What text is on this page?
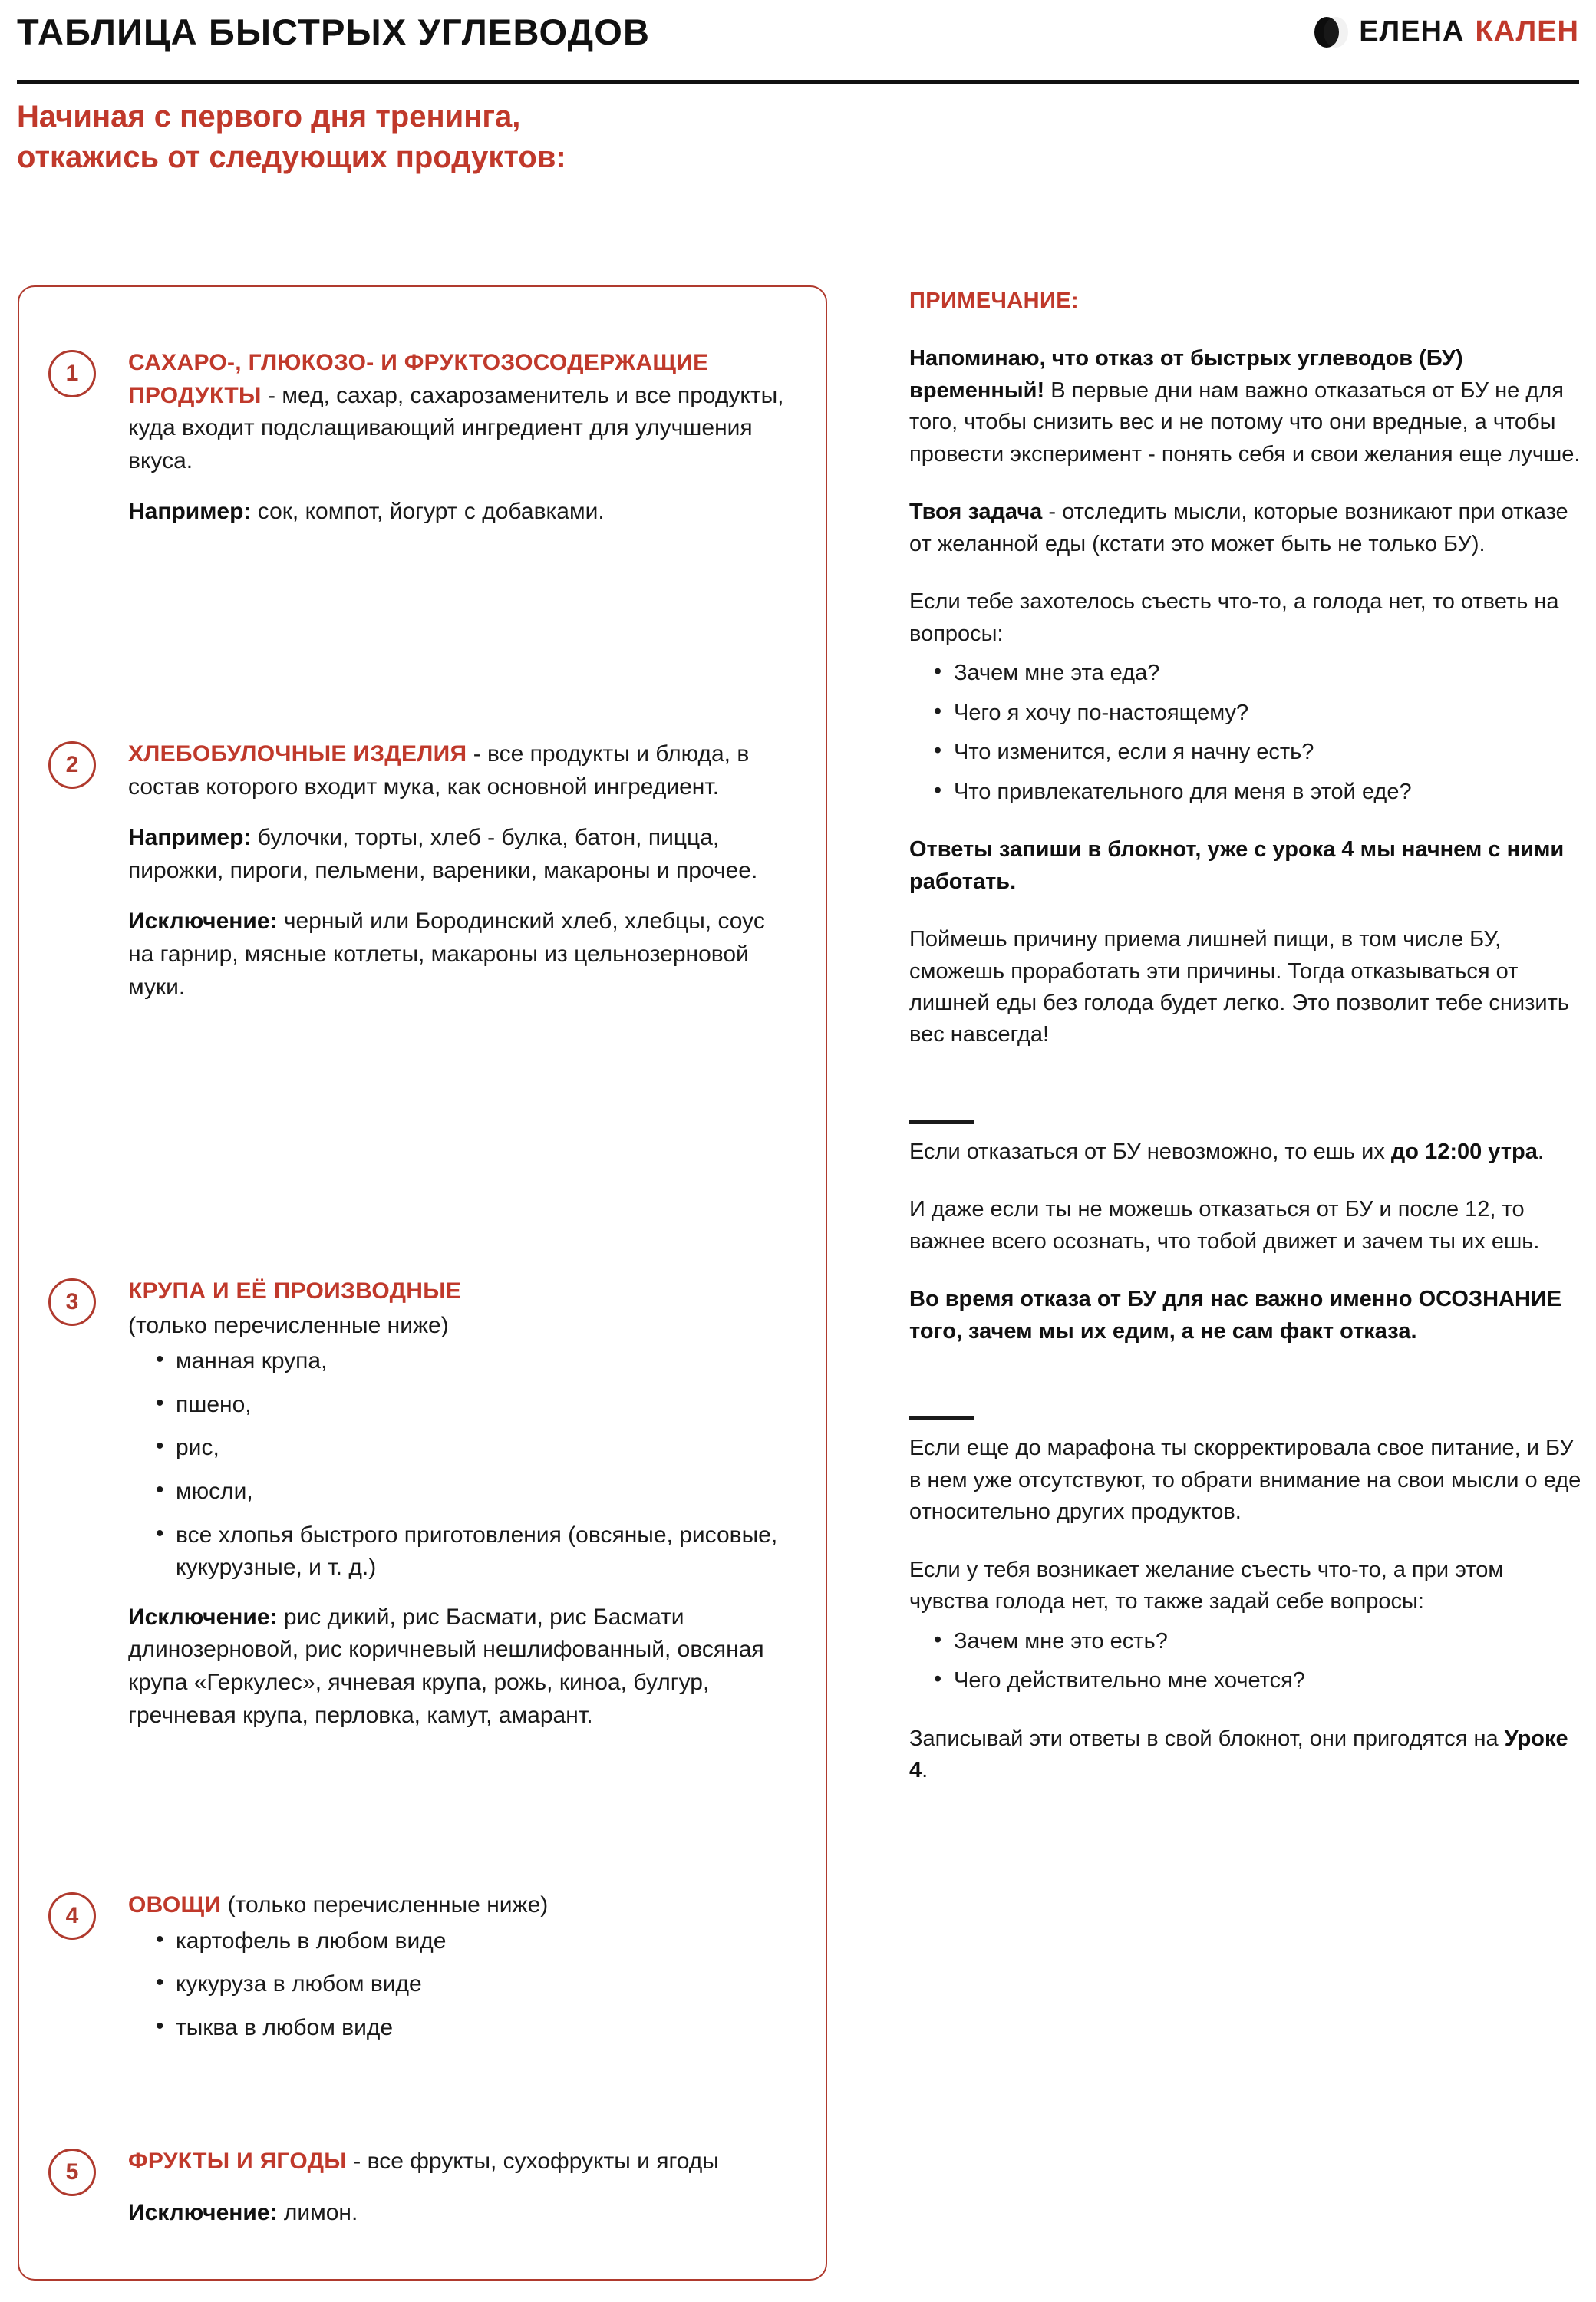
ТАБЛИЦА БЫСТРЫХ УГЛЕВОДОВ	ЕЛЕНА КАЛЕН
Начиная с первого дня тренинга,
откажись от следующих продуктов:
1	САХАРО-, ГЛЮКОЗО- И ФРУКТОЗОСОДЕРЖАЩИЕ ПРОДУКТЫ - мед, сахар, сахарозаменитель и все продукты, куда входит подслащивающий ингредиент для улучшения вкуса.

Например: сок, компот, йогурт с добавками.

2	ХЛЕБОБУЛОЧНЫЕ ИЗДЕЛИЯ - все продукты и блюда, в состав которого входит мука, как основной ингредиент.

Например: булочки, торты, хлеб - булка, батон, пицца, пирожки, пироги, пельмени, вареники, макароны и прочее.

Исключение: черный или Бородинский хлеб, хлебцы, соус на гарнир, мясные котлеты, макароны из цельнозерновой муки.

3	КРУПА И ЕЁ ПРОИЗВОДНЫЕ

(только перечисленные ниже)

• манная крупа,
• пшено,
• рис,
• мюсли,
• все хлопья быстрого приготовления (овсяные, рисовые, кукурузные, и т. д.)

Исключение: рис дикий, рис Басмати, рис Басмати длинозерновой, рис коричневый нешлифованный, овсяная крупа «Геркулес», ячневая крупа, рожь, киноа, булгур, гречневая крупа, перловка, камут, амарант.

4	ОВОЩИ (только перечисленные ниже)

• картофель в любом виде
• кукуруза в любом виде
• тыква в любом виде
5	ФРУКТЫ И ЯГОДЫ - все фрукты, сухофрукты и ягоды

Исключение: лимон.

ПРИМЕЧАНИЕ:

Напоминаю, что отказ от быстрых углеводов (БУ) временный! В первые дни нам важно отказаться от БУ не для того, чтобы снизить вес и не потому что они вредные, а чтобы провести эксперимент - понять себя и свои желания еще лучше.

Твоя задача - отследить мысли, которые возникают при отказе от желанной еды (кстати это может быть не только БУ).

Если тебе захотелось съесть что-то, а голода нет, то ответь на вопросы:

• Зачем мне эта еда?
• Чего я хочу по-настоящему?
• Что изменится, если я начну есть?
• Что привлекательного для меня в этой еде?

Ответы запиши в блокнот, уже с урока 4 мы начнем с ними работать.

Поймешь причину приема лишней пищи, в том числе БУ, сможешь проработать эти причины. Тогда отказываться от лишней еды без голода будет легко. Это позволит тебе снизить вес навсегда!

Если отказаться от БУ невозможно, то ешь их до 12:00 утра.

И даже если ты не можешь отказаться от БУ и после 12, то важнее всего осознать, что тобой движет и зачем ты их ешь.

Во время отказа от БУ для нас важно именно ОСОЗНАНИЕ того, зачем мы их едим, а не сам факт отказа.

Если еще до марафона ты скорректировала свое питание, и БУ в нем уже отсутствуют, то обрати внимание на свои мысли о еде относительно других продуктов.

Если у тебя возникает желание съесть что-то, а при этом чувства голода нет, то также задай себе вопросы:

• Зачем мне это есть?
• Чего действительно мне хочется?

Записывай эти ответы в свой блокнот, они пригодятся на Уроке 4.
